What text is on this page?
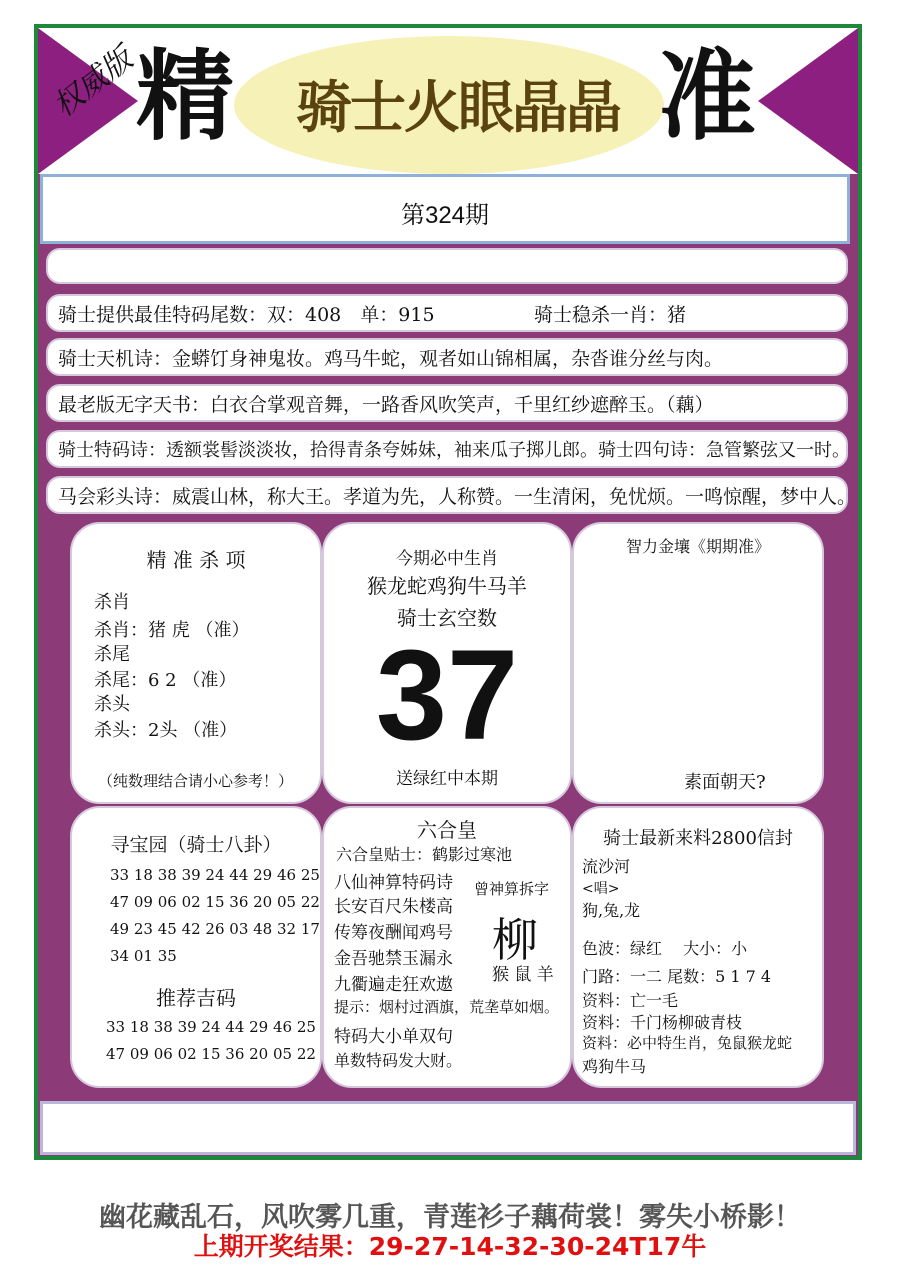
权威版
精	骑士火眼晶晶 准
第324期
骑士提供最佳特码尾数：双：408　单：915	骑士稳杀一肖：猪
骑士天机诗：金蟒饤身神鬼妆。鸡马牛蛇，观者如山锦相属，杂沓谁分丝与肉。
最老版无字天书：白衣合掌观音舞，一路香风吹笑声，千里红纱遮醉玉。（藕）
骑士特码诗：透额裳髻淡淡妆，拾得青条夸姊妹，袖来瓜子掷儿郎。骑士四句诗：急管繁弦又一时。
马会彩头诗：威震山林，称大王。孝道为先，人称赞。一生清闲，免忧烦。一鸣惊醒，梦中人。
精 准 杀 项
杀肖
杀肖：猪 虎 （准）
杀尾
杀尾：6 2 （准）
杀头
杀头：2头 （准）
（纯数理结合请小心参考！）
今期必中生肖
猴龙蛇鸡狗牛马羊
骑士玄空数
37
送绿红中本期
智力金壤《期期准》
素面朝天?
寻宝园（骑士八卦）
33 18 38 39 24 44 29 46 25
47 09 06 02 15 36 20 05 22
49 23 45 42 26 03 48 32 17
34 01 35
推荐吉码
33 18 38 39 24 44 29 46 25
47 09 06 02 15 36 20 05 22
六合皇
六合皇贴士：鹤影过寒池
八仙神算特码诗
长安百尺朱楼高
传筹夜酬闻鸡号
金吾驰禁玉漏永
九衢遍走狂欢遨
曾神算拆字
柳
猴 鼠 羊
提示：烟村过酒旗，荒垄草如烟。
特码大小单双句
单数特码发大财。
骑士最新来料2800信封
流沙河
<唱>
狗,兔,龙
色波：绿红　 大小：小
门路：一二 尾数：5 1 7 4
资料：亡一毛
资料：千门杨柳破青枝
资料：必中特生肖，兔鼠猴龙蛇
鸡狗牛马
幽花藏乱石，风吹雾几重，青莲衫子藕荷裳！雾失小桥影！
上期开奖结果：29-27-14-32-30-24T17牛
